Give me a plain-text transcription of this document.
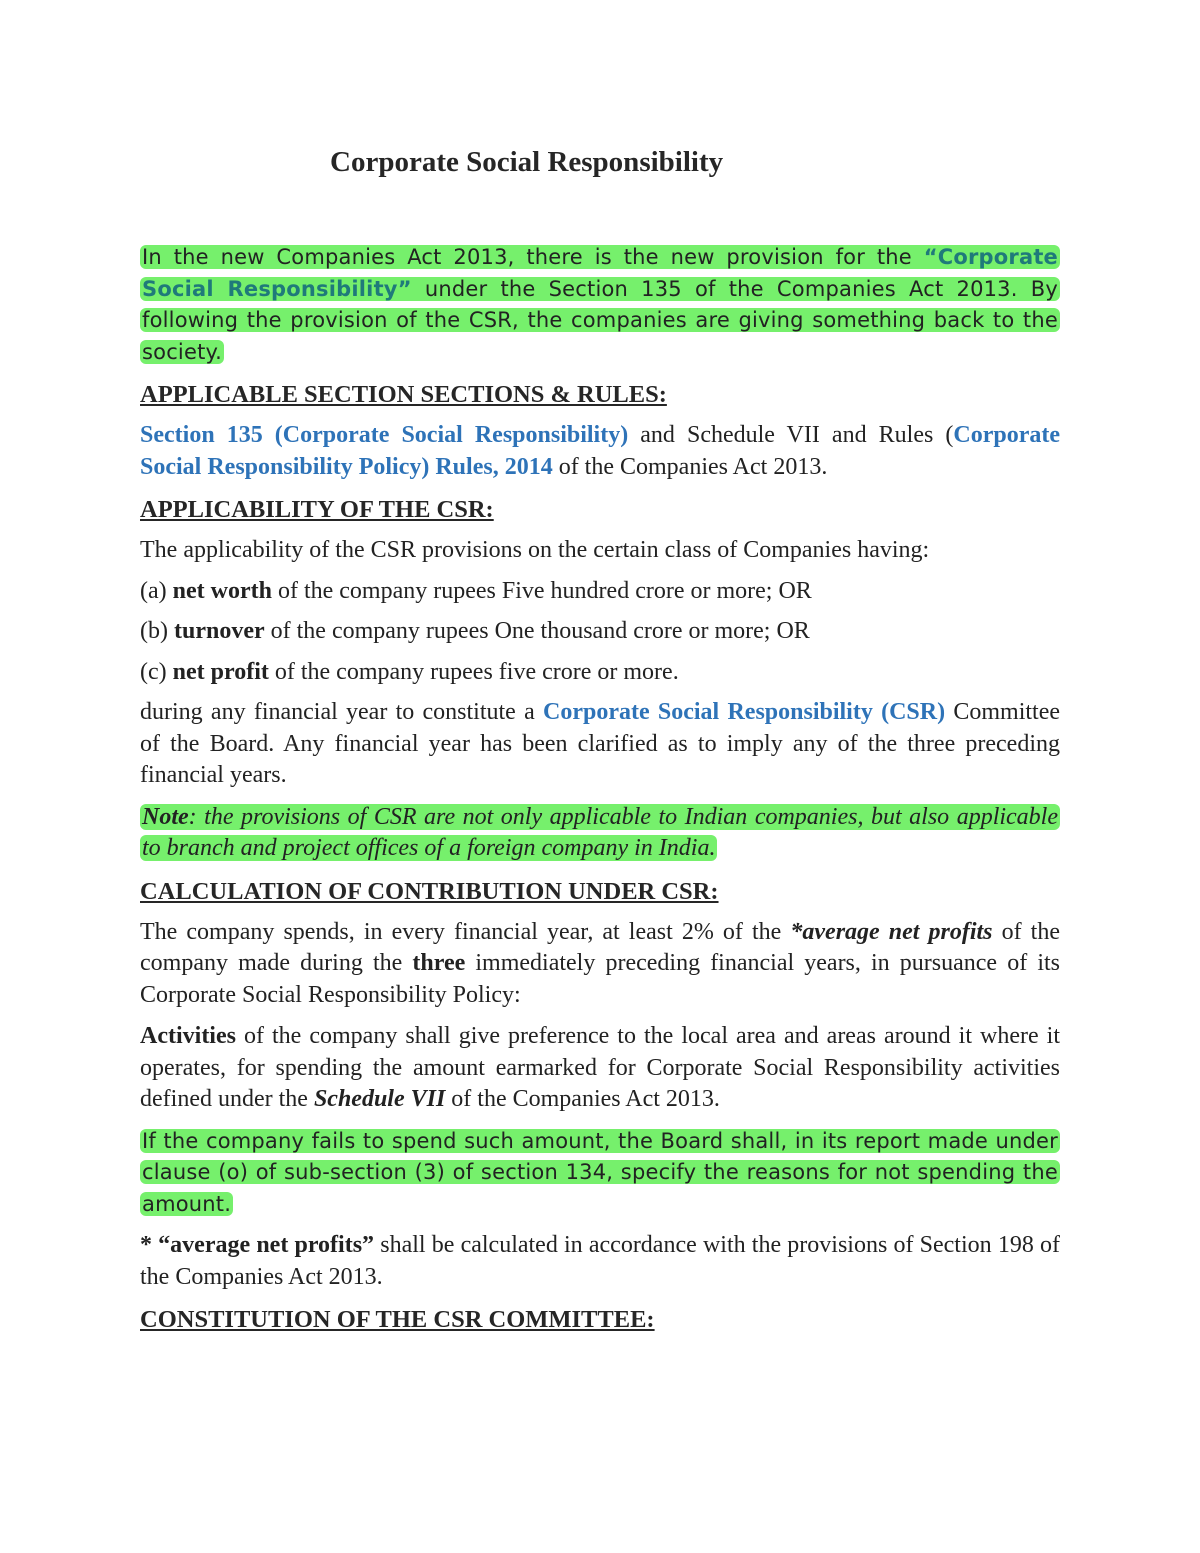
Corporate Social Responsibility

In the new Companies Act 2013, there is the new provision for the “Corporate Social Responsibility” under the Section 135 of the Companies Act 2013. By following the provision of the CSR, the companies are giving something back to the society.

APPLICABLE SECTION SECTIONS & RULES:

Section 135 (Corporate Social Responsibility) and Schedule VII and Rules (Corporate Social Responsibility Policy) Rules, 2014 of the Companies Act 2013.

APPLICABILITY OF THE CSR:

The applicability of the CSR provisions on the certain class of Companies having:

(a) net worth of the company rupees Five hundred crore or more; OR

(b) turnover of the company rupees One thousand crore or more; OR

(c) net profit of the company rupees five crore or more.

during any financial year to constitute a Corporate Social Responsibility (CSR) Committee of the Board. Any financial year has been clarified as to imply any of the three preceding financial years.

Note: the provisions of CSR are not only applicable to Indian companies, but also applicable to branch and project offices of a foreign company in India.

CALCULATION OF CONTRIBUTION UNDER CSR:

The company spends, in every financial year, at least 2% of the *average net profits of the company made during the three immediately preceding financial years, in pursuance of its Corporate Social Responsibility Policy:

Activities of the company shall give preference to the local area and areas around it where it operates, for spending the amount earmarked for Corporate Social Responsibility activities defined under the Schedule VII of the Companies Act 2013.

If the company fails to spend such amount, the Board shall, in its report made under clause (o) of sub-section (3) of section 134, specify the reasons for not spending the amount.

* “average net profits” shall be calculated in accordance with the provisions of Section 198 of the Companies Act 2013.

CONSTITUTION OF THE CSR COMMITTEE:
